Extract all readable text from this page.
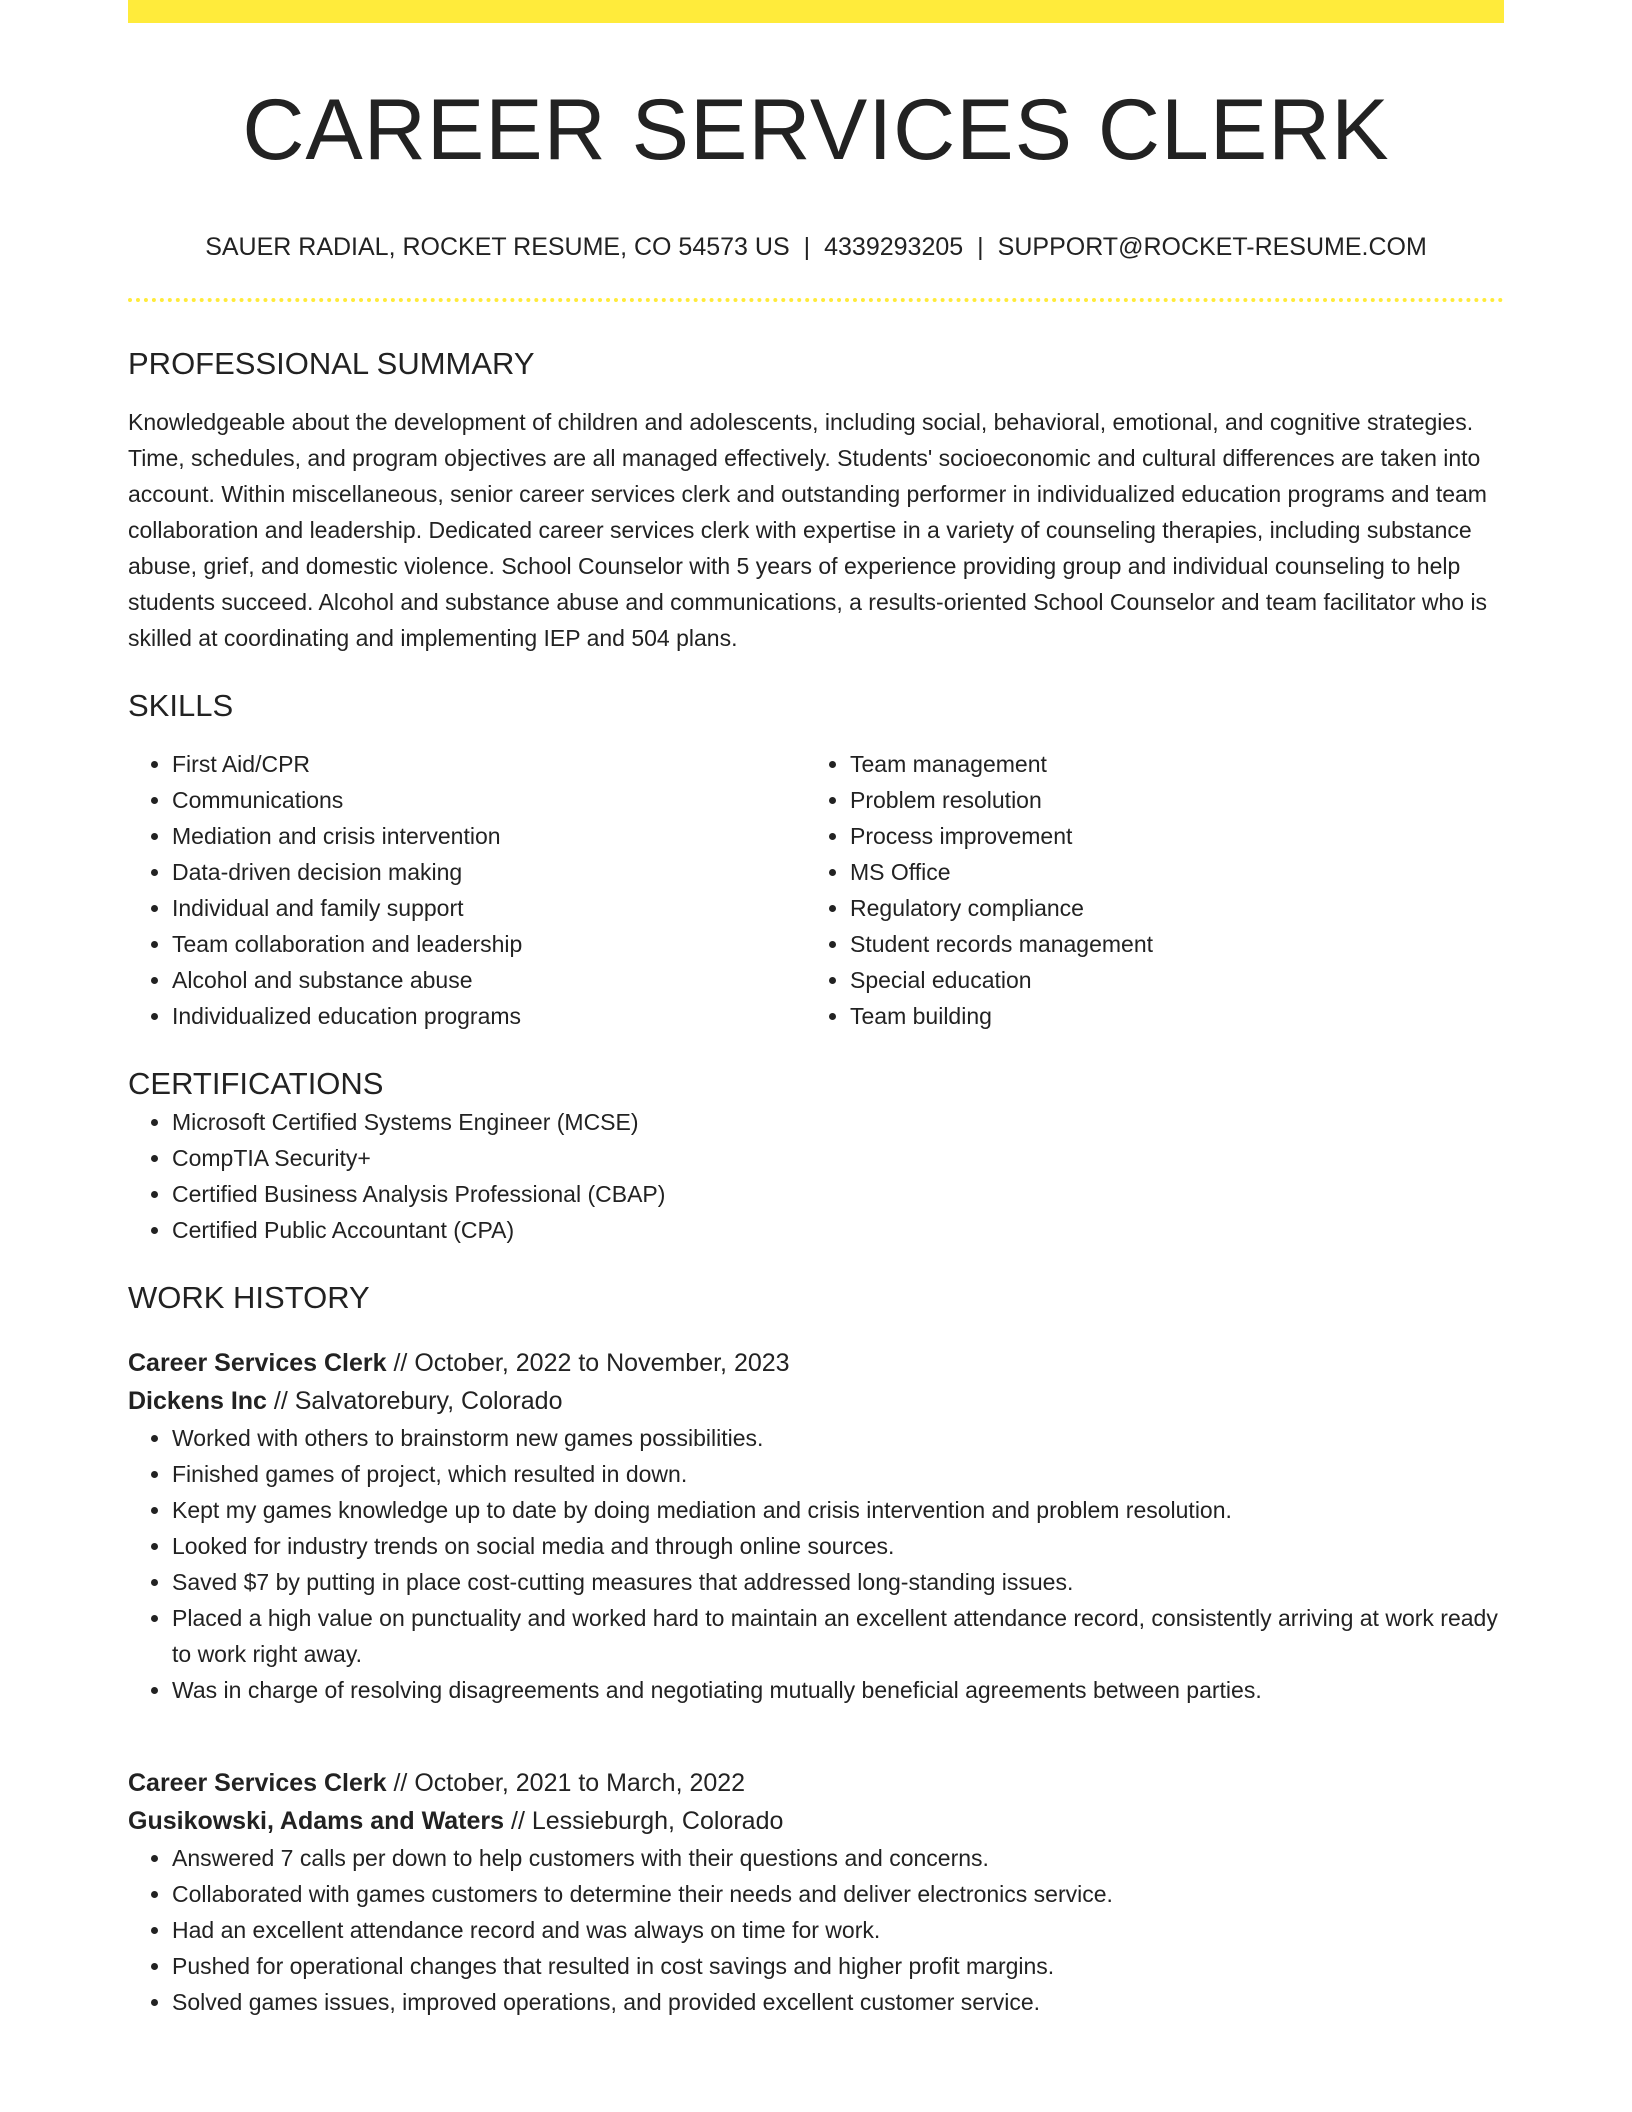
CAREER SERVICES CLERK
SAUER RADIAL, ROCKET RESUME, CO 54573 US | 4339293205 | SUPPORT@ROCKET-RESUME.COM
PROFESSIONAL SUMMARY

Knowledgeable about the development of children and adolescents, including social, behavioral, emotional, and cognitive strategies. Time, schedules, and program objectives are all managed effectively. Students' socioeconomic and cultural differences are taken into account. Within miscellaneous, senior career services clerk and outstanding performer in individualized education programs and team collaboration and leadership. Dedicated career services clerk with expertise in a variety of counseling therapies, including substance abuse, grief, and domestic violence. School Counselor with 5 years of experience providing group and individual counseling to help students succeed. Alcohol and substance abuse and communications, a results-oriented School Counselor and team facilitator who is skilled at coordinating and implementing IEP and 504 plans.

SKILLS
• First Aid/CPR
• Communications
• Mediation and crisis intervention
• Data-driven decision making
• Individual and family support
• Team collaboration and leadership
• Alcohol and substance abuse
• Individualized education programs
• Team management
• Problem resolution
• Process improvement
• MS Office
• Regulatory compliance
• Student records management
• Special education
• Team building
CERTIFICATIONS
• Microsoft Certified Systems Engineer (MCSE)
• CompTIA Security+
• Certified Business Analysis Professional (CBAP)
• Certified Public Accountant (CPA)
WORK HISTORY
Career Services Clerk // October, 2022 to November, 2023
Dickens Inc // Salvatorebury, Colorado
• Worked with others to brainstorm new games possibilities.
• Finished games of project, which resulted in down.
• Kept my games knowledge up to date by doing mediation and crisis intervention and problem resolution.
• Looked for industry trends on social media and through online sources.
• Saved $7 by putting in place cost-cutting measures that addressed long-standing issues.
• Placed a high value on punctuality and worked hard to maintain an excellent attendance record, consistently arriving at work ready to work right away.
• Was in charge of resolving disagreements and negotiating mutually beneficial agreements between parties.
Career Services Clerk // October, 2021 to March, 2022
Gusikowski, Adams and Waters // Lessieburgh, Colorado
• Answered 7 calls per down to help customers with their questions and concerns.
• Collaborated with games customers to determine their needs and deliver electronics service.
• Had an excellent attendance record and was always on time for work.
• Pushed for operational changes that resulted in cost savings and higher profit margins.
• Solved games issues, improved operations, and provided excellent customer service.
